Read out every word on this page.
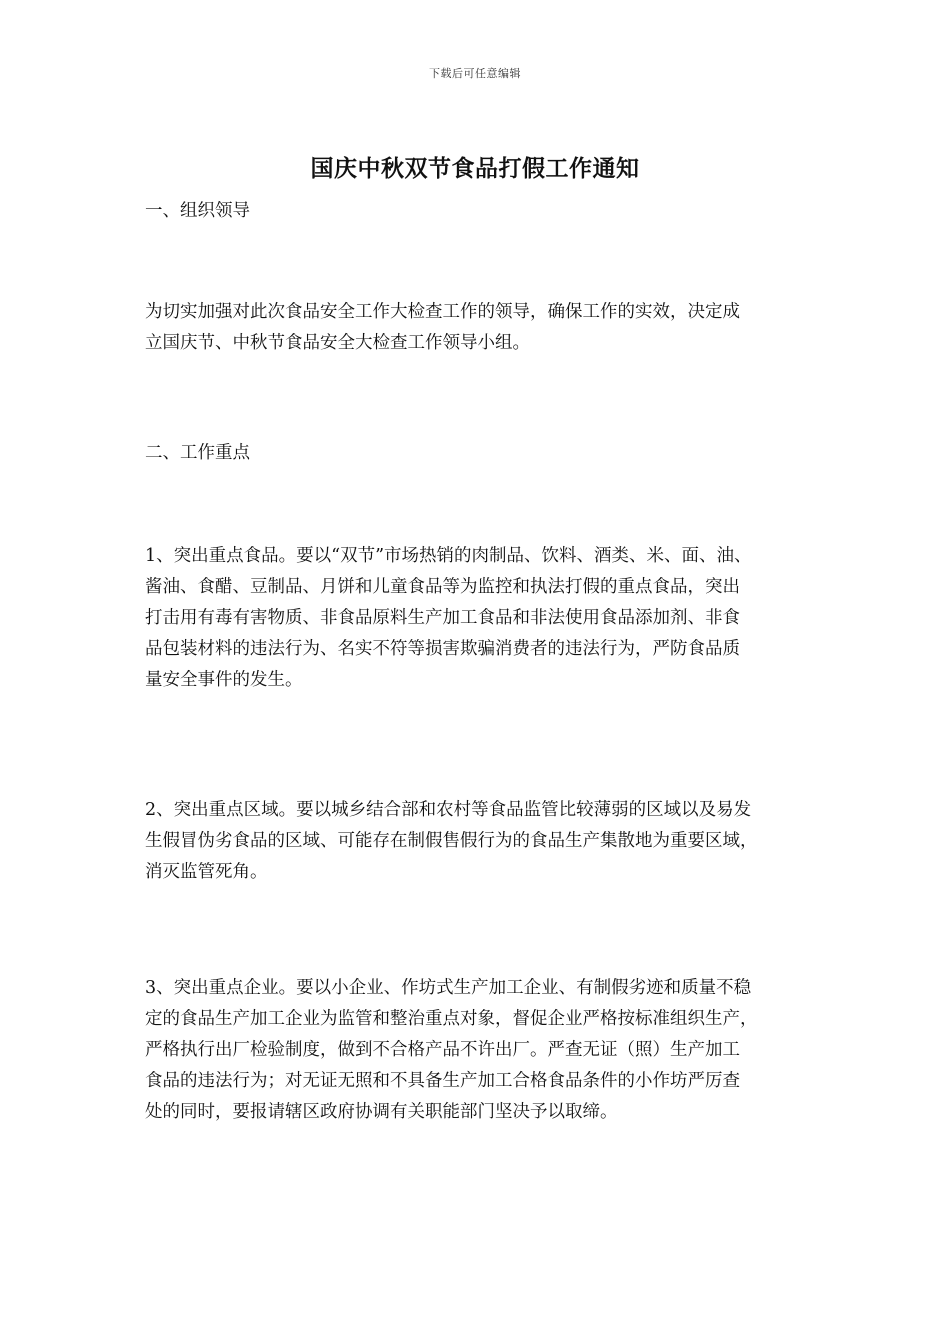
下载后可任意编辑
国庆中秋双节食品打假工作通知

一、组织领导

为切实加强对此次食品安全工作大检查工作的领导，确保工作的实效，决定成
立国庆节、中秋节食品安全大检查工作领导小组。

二、工作重点

1、突出重点食品。要以“双节”市场热销的肉制品、饮料、酒类、米、面、油、
酱油、食醋、豆制品、月饼和儿童食品等为监控和执法打假的重点食品，突出
打击用有毒有害物质、非食品原料生产加工食品和非法使用食品添加剂、非食
品包装材料的违法行为、名实不符等损害欺骗消费者的违法行为，严防食品质
量安全事件的发生。

2、突出重点区域。要以城乡结合部和农村等食品监管比较薄弱的区域以及易发
生假冒伪劣食品的区域、可能存在制假售假行为的食品生产集散地为重要区域，
消灭监管死角。

3、突出重点企业。要以小企业、作坊式生产加工企业、有制假劣迹和质量不稳
定的食品生产加工企业为监管和整治重点对象，督促企业严格按标准组织生产，
严格执行出厂检验制度，做到不合格产品不许出厂。严查无证（照）生产加工
食品的违法行为；对无证无照和不具备生产加工合格食品条件的小作坊严厉查
处的同时，要报请辖区政府协调有关职能部门坚决予以取缔。
